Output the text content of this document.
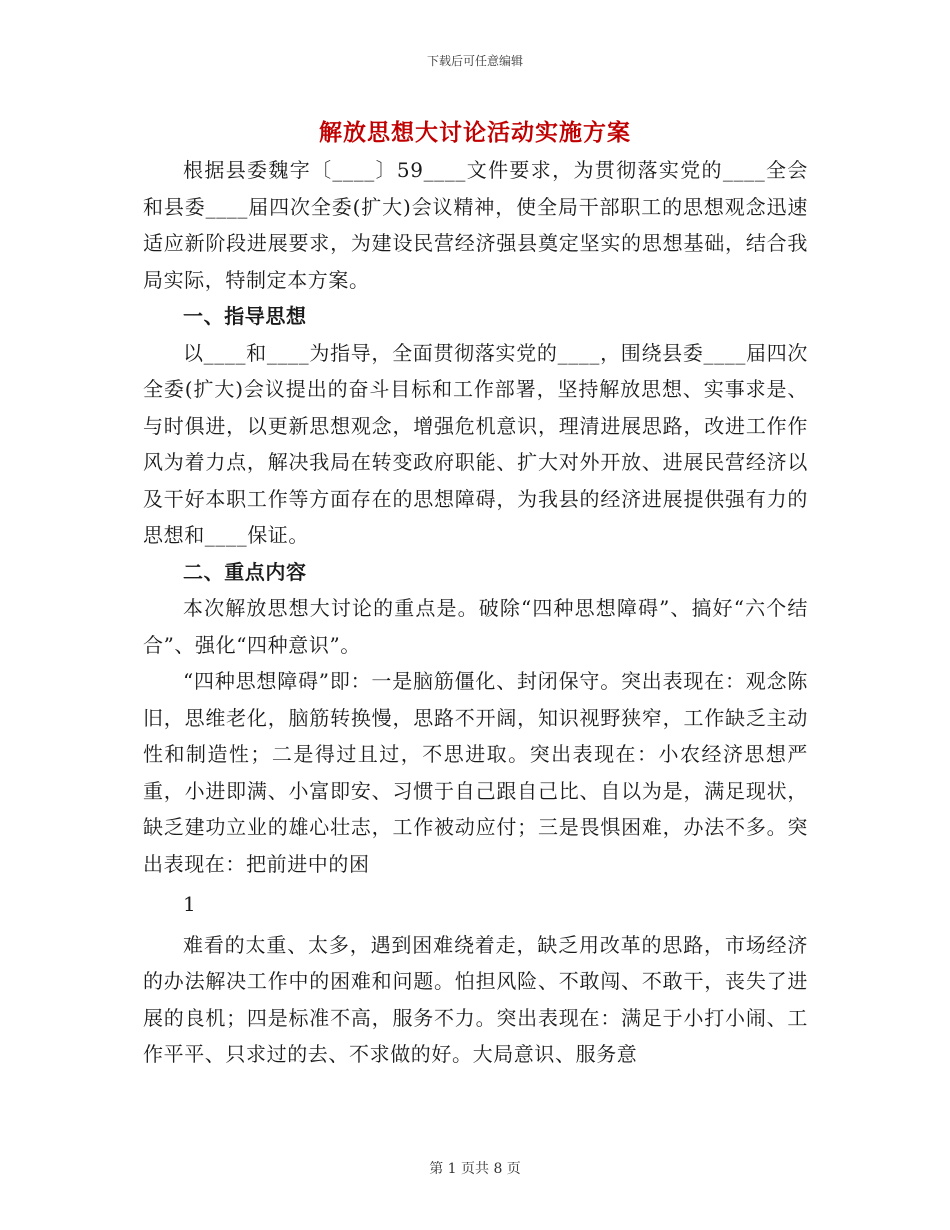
下载后可任意编辑
解放思想大讨论活动实施方案

根据县委魏字〔____〕59____文件要求，为贯彻落实党的____全会和县委____届四次全委(扩大)会议精神，使全局干部职工的思想观念迅速适应新阶段进展要求，为建设民营经济强县奠定坚实的思想基础，结合我局实际，特制定本方案。

一、指导思想

以____和____为指导，全面贯彻落实党的____，围绕县委____届四次全委(扩大)会议提出的奋斗目标和工作部署，坚持解放思想、实事求是、与时俱进，以更新思想观念，增强危机意识，理清进展思路，改进工作作风为着力点，解决我局在转变政府职能、扩大对外开放、进展民营经济以及干好本职工作等方面存在的思想障碍，为我县的经济进展提供强有力的思想和____保证。

二、重点内容

本次解放思想大讨论的重点是。破除“四种思想障碍”、搞好“六个结合”、强化“四种意识”。

“四种思想障碍”即：一是脑筋僵化、封闭保守。突出表现在：观念陈旧，思维老化，脑筋转换慢，思路不开阔，知识视野狭窄，工作缺乏主动性和制造性；二是得过且过，不思进取。突出表现在：小农经济思想严重，小进即满、小富即安、习惯于自己跟自己比、自以为是，满足现状，缺乏建功立业的雄心壮志，工作被动应付；三是畏惧困难，办法不多。突出表现在：把前进中的困

1

难看的太重、太多，遇到困难绕着走，缺乏用改革的思路，市场经济的办法解决工作中的困难和问题。怕担风险、不敢闯、不敢干，丧失了进展的良机；四是标准不高，服务不力。突出表现在：满足于小打小闹、工作平平、只求过的去、不求做的好。大局意识、服务意

第 1 页共 8 页
